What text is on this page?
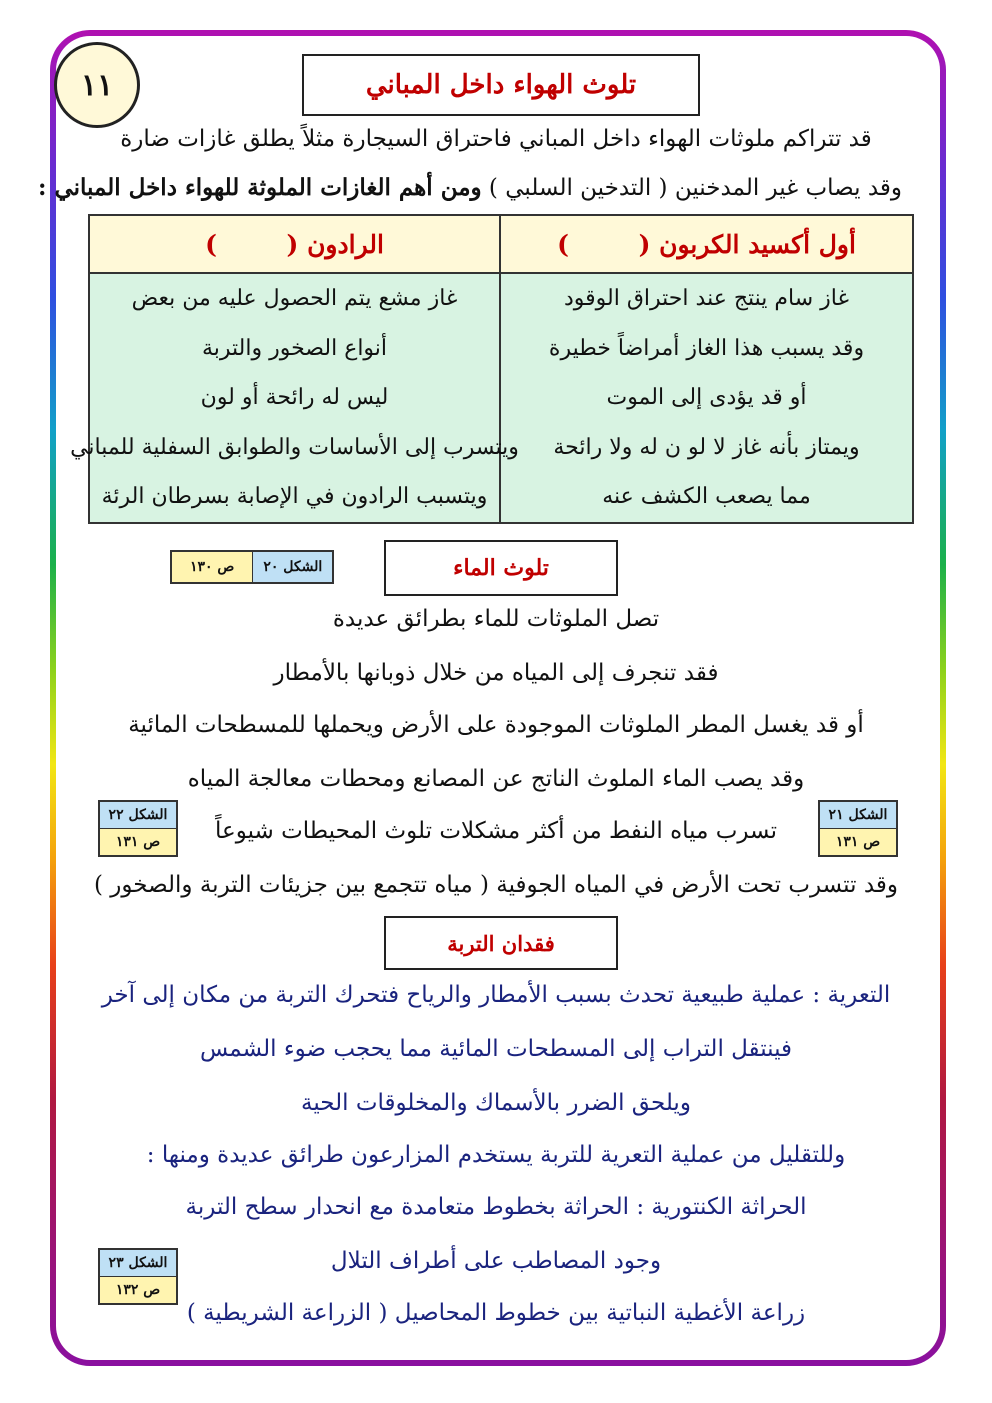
١١	تلوث الهواء داخل المباني
قد تتراكم ملوثات الهواء داخل المباني فاحتراق السيجارة مثلاً يطلق غازات ضارة
وقد يصاب غير المدخنين ( التدخين السلبي ) ومن أهم الغازات الملوثة للهواء داخل المباني :
أول أكسيد الكربون (        )
غاز سام ينتج عند احتراق الوقود
وقد يسبب هذا الغاز أمراضاً خطيرة
أو قد يؤدى إلى الموت
ويمتاز بأنه غاز لا لو ن له ولا رائحة
مما يصعب الكشف عنه
الرادون (        )
غاز مشع يتم الحصول عليه من بعض
أنواع الصخور والتربة
ليس له رائحة أو لون
ويتسرب إلى الأساسات والطوابق السفلية للمباني
ويتسبب الرادون في الإصابة بسرطان الرئة
تلوث الماء
الشكل ٢٠
ص ١٣٠
تصل الملوثات للماء بطرائق عديدة
فقد تنجرف إلى المياه من خلال ذوبانها بالأمطار
أو قد يغسل المطر الملوثات الموجودة على الأرض ويحملها للمسطحات المائية
وقد يصب الماء الملوث الناتج عن المصانع ومحطات معالجة المياه
تسرب مياه النفط من أكثر مشكلات تلوث المحيطات شيوعاً
وقد تتسرب تحت الأرض في المياه الجوفية ( مياه تتجمع بين جزيئات التربة والصخور )
الشكل ٢١
ص ١٣١
الشكل ٢٢
ص ١٣١
فقدان التربة
التعرية : عملية طبيعية تحدث بسبب الأمطار والرياح فتحرك التربة من مكان إلى آخر
فينتقل التراب إلى المسطحات المائية مما يحجب ضوء الشمس
ويلحق الضرر بالأسماك والمخلوقات الحية
وللتقليل من عملية التعرية للتربة يستخدم المزارعون طرائق عديدة ومنها :
الحراثة الكنتورية : الحراثة بخطوط متعامدة مع انحدار سطح التربة
وجود المصاطب على أطراف التلال
زراعة الأغطية النباتية بين خطوط المحاصيل ( الزراعة الشريطية )
الشكل ٢٣
ص ١٣٢
